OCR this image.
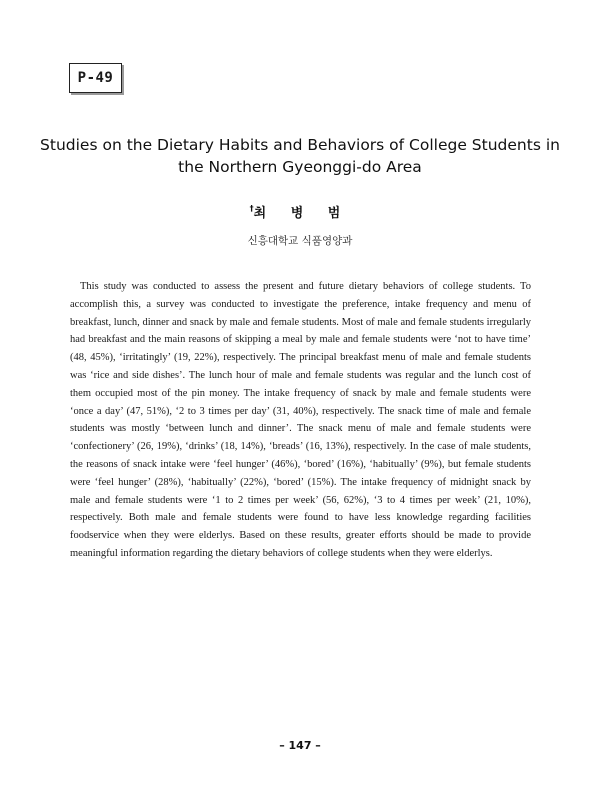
P-49
Studies on the Dietary Habits and Behaviors of College Students in the Northern Gyeonggi-do Area
†최 병 범
신흥대학교 식품영양과

This study was conducted to assess the present and future dietary behaviors of college students. To accomplish this, a survey was conducted to investigate the preference, intake frequency and menu of breakfast, lunch, dinner and snack by male and female students. Most of male and female students irregularly had breakfast and the main reasons of skipping a meal by male and female students were ‘not to have time’ (48, 45%), ‘irritatingly’ (19, 22%), respectively. The principal breakfast menu of male and female students was ‘rice and side dishes’. The lunch hour of male and female students was regular and the lunch cost of them occupied most of the pin money. The intake frequency of snack by male and female students were ‘once a day’ (47, 51%), ‘2 to 3 times per day’ (31, 40%), respectively. The snack time of male and female students was mostly ‘between lunch and dinner’. The snack menu of male and female students were ‘confectionery’ (26, 19%), ‘drinks’ (18, 14%), ‘breads’ (16, 13%), respectively. In the case of male students, the reasons of snack intake were ‘feel hunger’ (46%), ‘bored’ (16%), ‘habitually’ (9%), but female students were ‘feel hunger’ (28%), ‘habitually’ (22%), ‘bored’ (15%). The intake frequency of midnight snack by male and female students were ‘1 to 2 times per week’ (56, 62%), ‘3 to 4 times per week’ (21, 10%), respectively. Both male and female students were found to have less knowledge regarding facilities foodservice when they were elderlys. Based on these results, greater efforts should be made to provide meaningful information regarding the dietary behaviors of college students when they were elderlys.

– 147 –
